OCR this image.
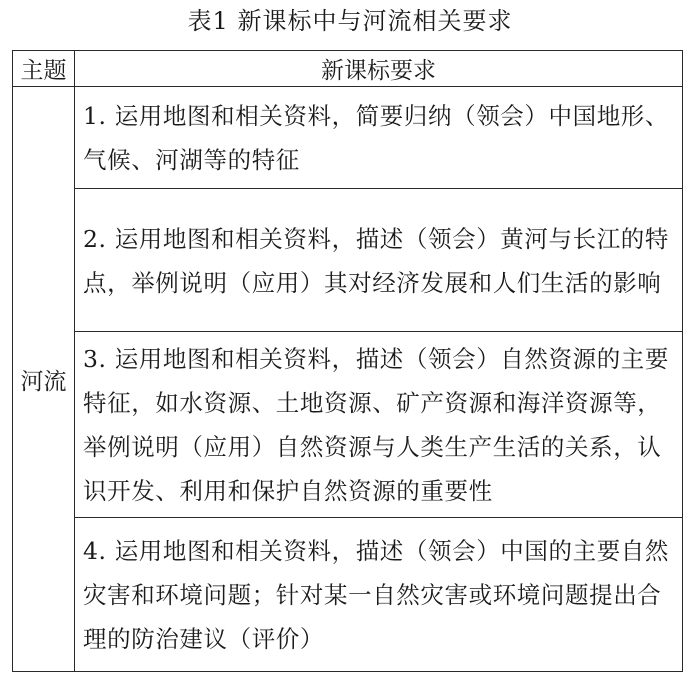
表1 新课标中与河流相关要求
主题	新课标要求
河流	1. 运用地图和相关资料，简要归纳（领会）中国地形、气候、河湖等的特征
	2. 运用地图和相关资料，描述（领会）黄河与长江的特点，举例说明（应用）其对经济发展和人们生活的影响
	3. 运用地图和相关资料，描述（领会）自然资源的主要特征，如水资源、土地资源、矿产资源和海洋资源等，举例说明（应用）自然资源与人类生产生活的关系，认识开发、利用和保护自然资源的重要性
	4. 运用地图和相关资料，描述（领会）中国的主要自然灾害和环境问题；针对某一自然灾害或环境问题提出合理的防治建议（评价）
